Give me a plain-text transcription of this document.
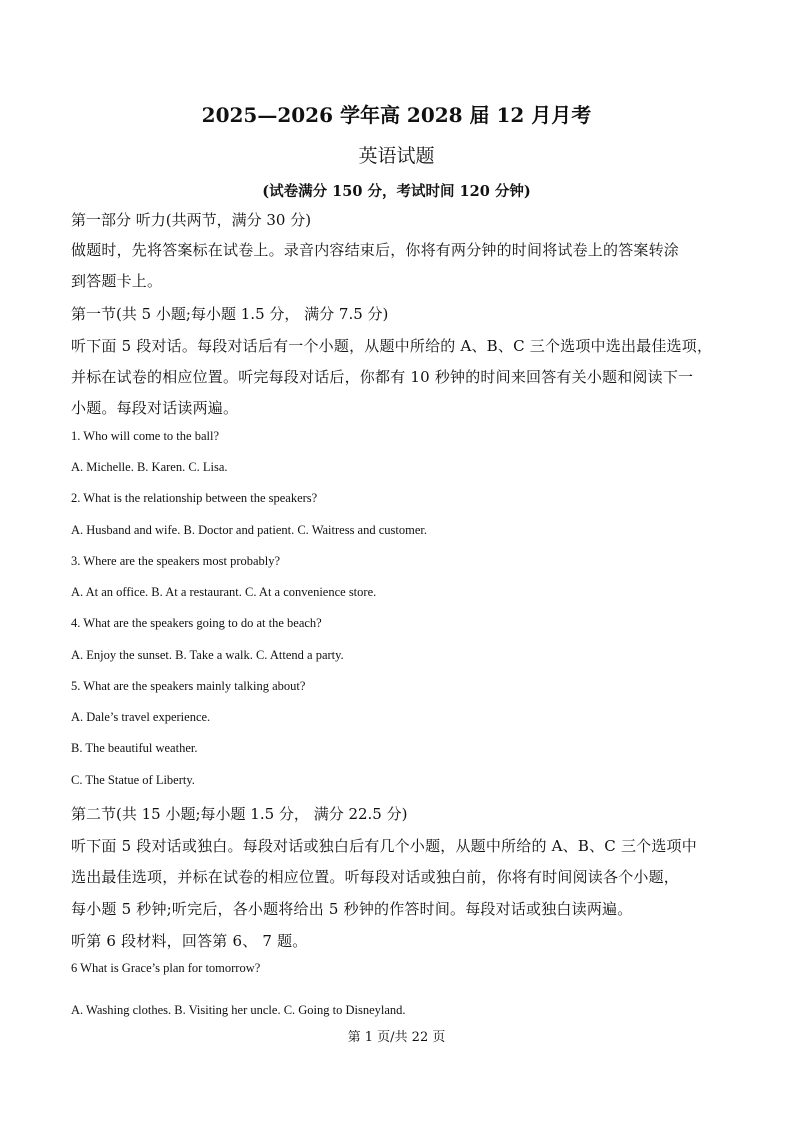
2025—2026 学年高 2028 届 12 月月考
英语试题
(试卷满分 150 分，考试时间 120 分钟)
第一部分 听力(共两节，满分 30 分)
做题时，先将答案标在试卷上。录音内容结束后，你将有两分钟的时间将试卷上的答案转涂
到答题卡上。
第一节(共 5 小题;每小题 1.5 分， 满分 7.5 分)
听下面 5 段对话。每段对话后有一个小题，从题中所给的 A、B、C 三个选项中选出最佳选项，
并标在试卷的相应位置。听完每段对话后，你都有 10 秒钟的时间来回答有关小题和阅读下一
小题。每段对话读两遍。
1. Who will come to the ball?
A. Michelle. B. Karen. C. Lisa.
2. What is the relationship between the speakers?
A. Husband and wife. B. Doctor and patient. C. Waitress and customer.
3. Where are the speakers most probably?
A. At an office. B. At a restaurant. C. At a convenience store.
4. What are the speakers going to do at the beach?
A. Enjoy the sunset. B. Take a walk. C. Attend a party.
5. What are the speakers mainly talking about?
A. Dale’s travel experience.
B. The beautiful weather.
C. The Statue of Liberty.
第二节(共 15 小题;每小题 1.5 分， 满分 22.5 分)
听下面 5 段对话或独白。每段对话或独白后有几个小题，从题中所给的 A、B、C 三个选项中
选出最佳选项，并标在试卷的相应位置。听每段对话或独白前，你将有时间阅读各个小题，
每小题 5 秒钟;听完后，各小题将给出 5 秒钟的作答时间。每段对话或独白读两遍。
听第 6 段材料，回答第 6、 7 题。
6 What is Grace’s plan for tomorrow?
A. Washing clothes. B. Visiting her uncle. C. Going to Disneyland.
第 1 页/共 22 页
